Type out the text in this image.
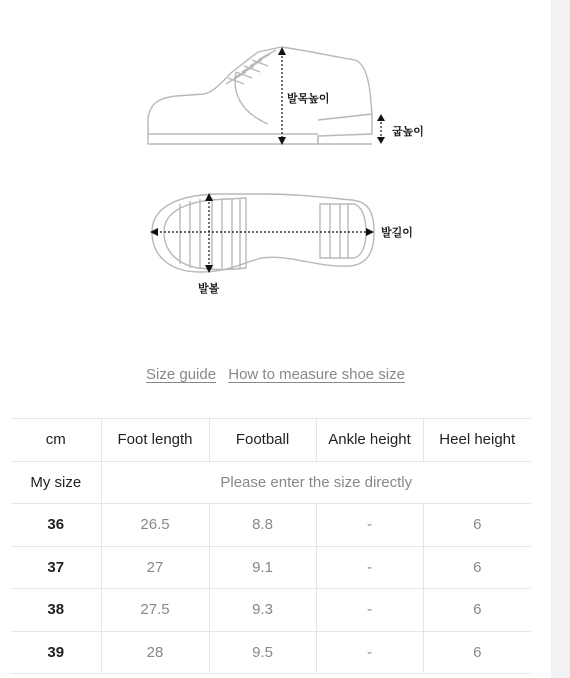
발목높이
굽높이
발길이
발볼
Size guide How to measure shoe size
cm	Foot length	Football	Ankle height	Heel height
My size	Please enter the size directly			
36	26.5	8.8	-	6
37	27	9.1	-	6
38	27.5	9.3	-	6
39	28	9.5	-	6
